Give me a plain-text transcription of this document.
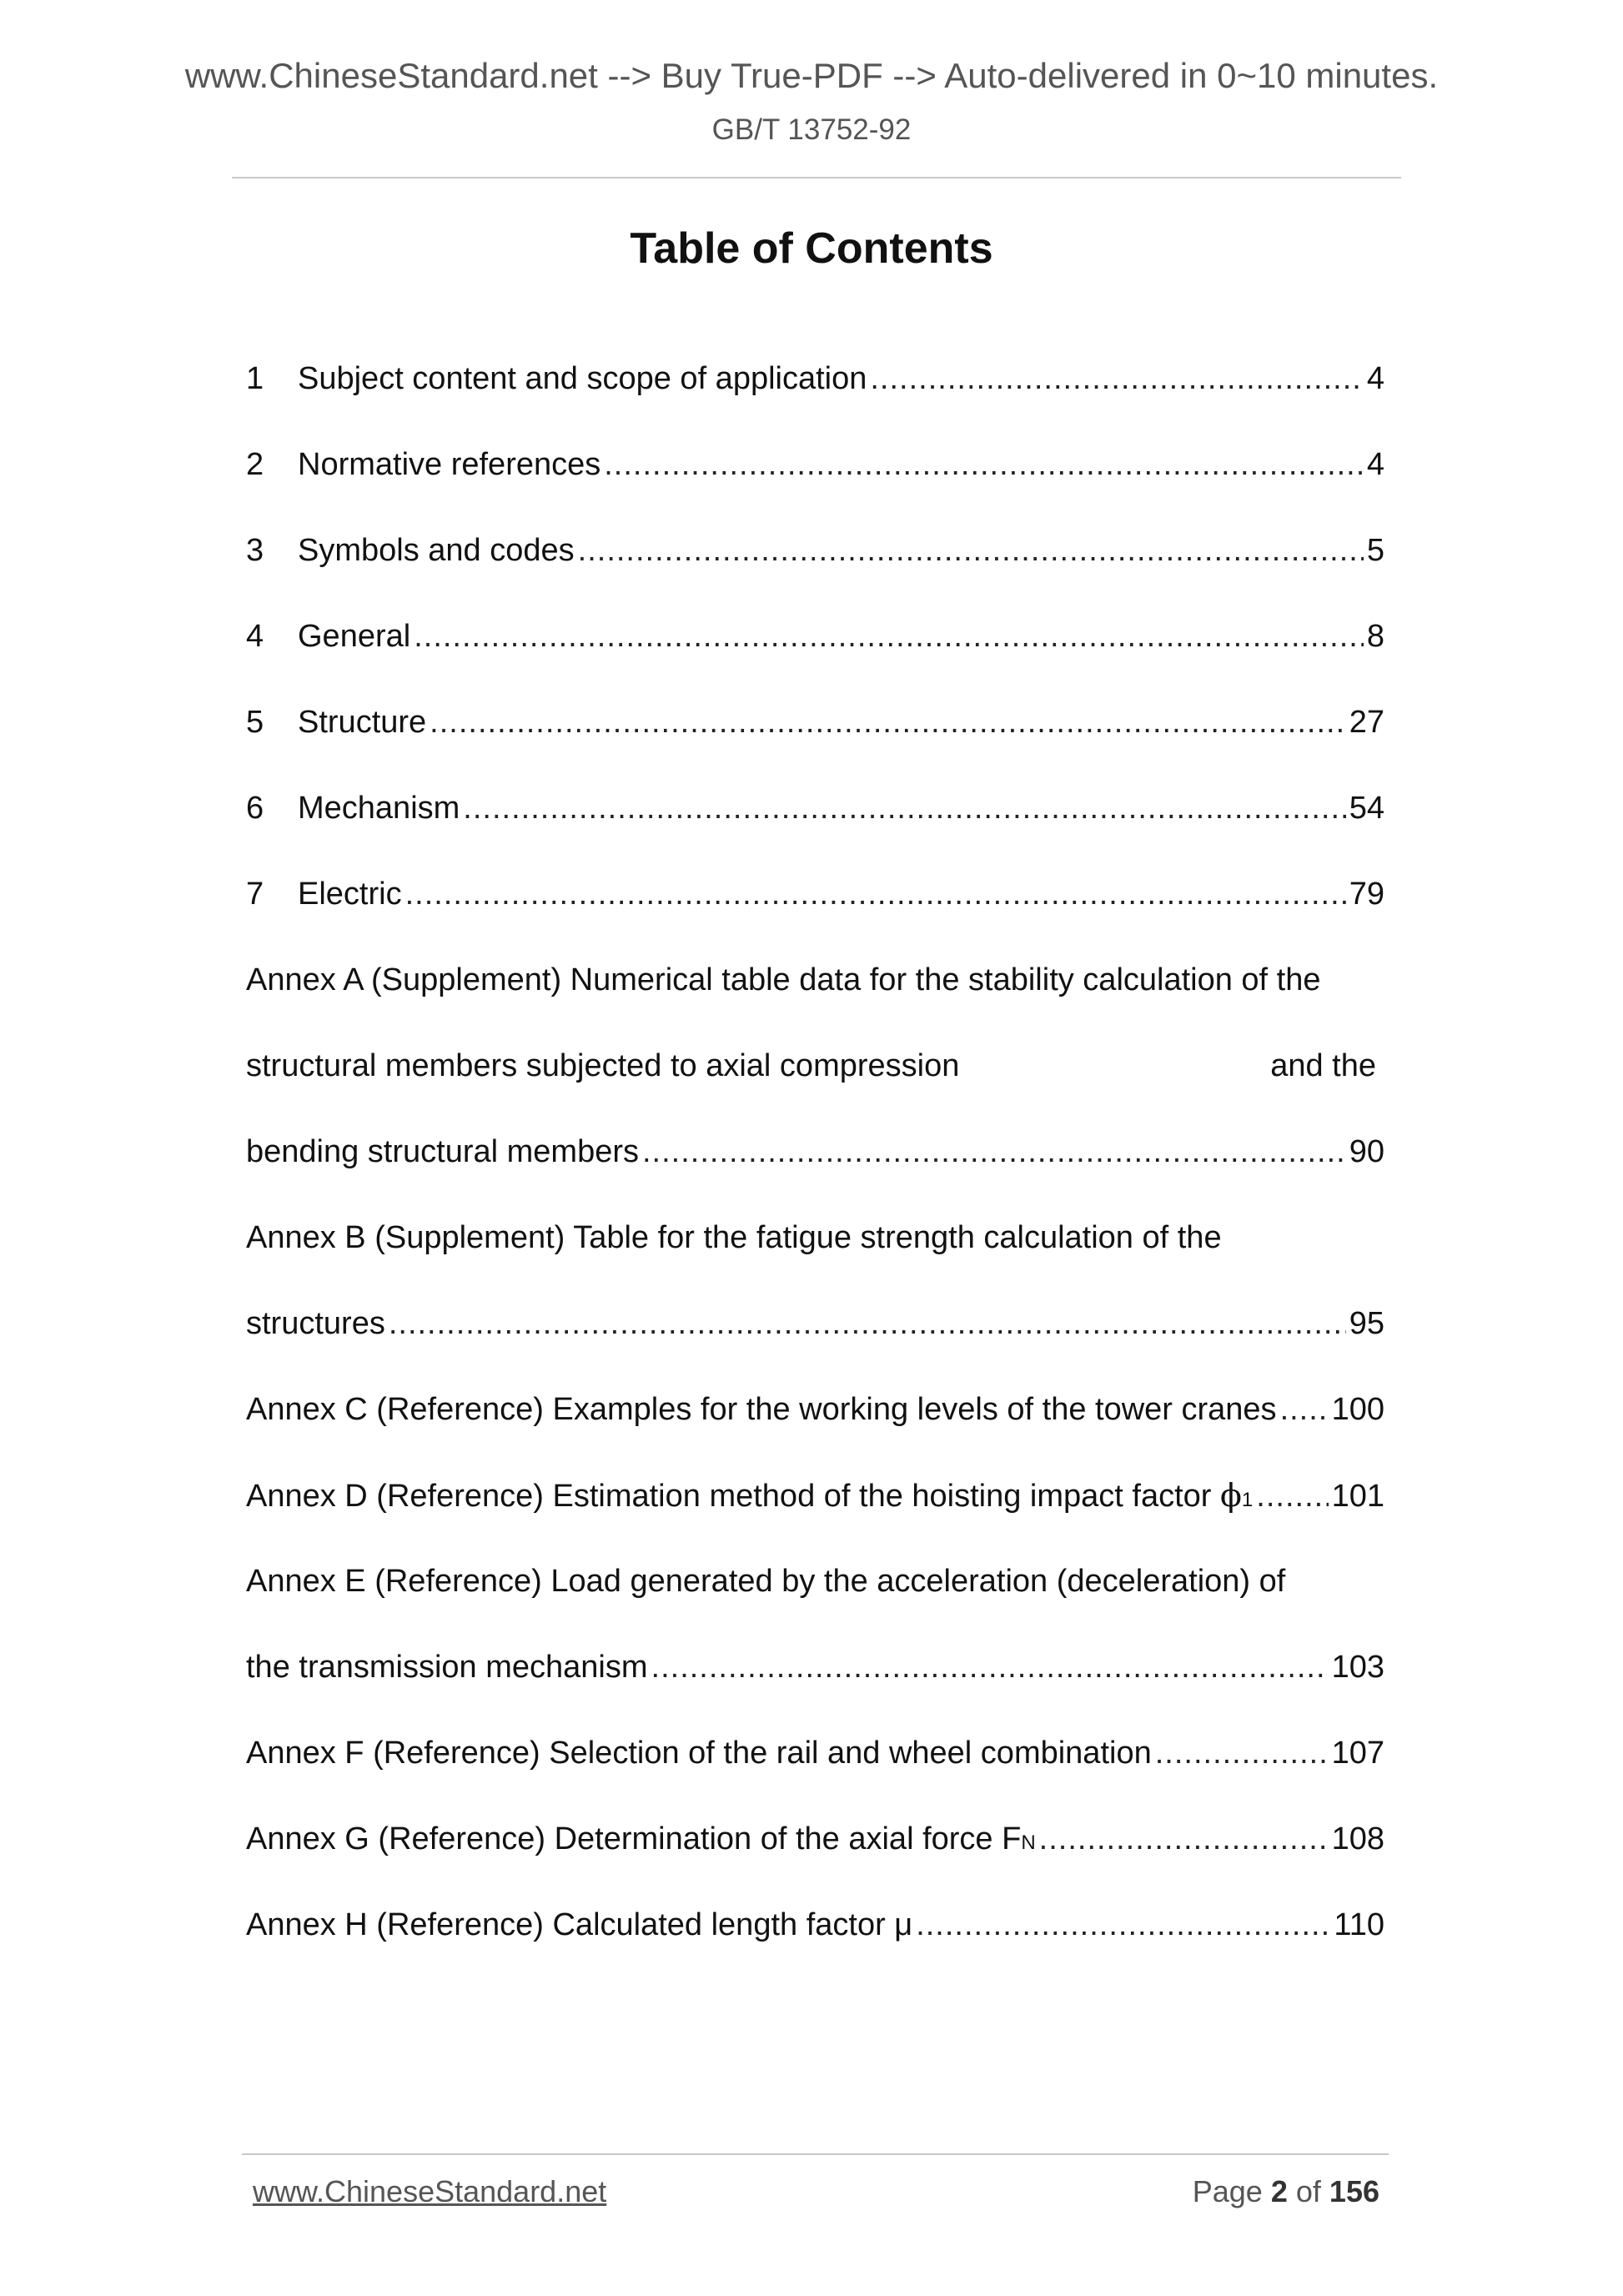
www.ChineseStandard.net --> Buy True-PDF --> Auto-delivered in 0~10 minutes.
GB/T 13752-92
Table of Contents
1	Subject content and scope of application .....	4
2	Normative references .....	4
3	Symbols and codes .....	5
4	General .....	8
5	Structure .....	27
6	Mechanism .....	54
7	Electric .....	79
Annex A (Supplement) Numerical table data for the stability calculation of the
structural members subjected to axial compression	and the
bending structural members .....	90
Annex B (Supplement) Table for the fatigue strength calculation of the
structures .....	95
Annex C (Reference) Examples for the working levels of the tower cranes ..... 100
Annex D (Reference) Estimation method of the hoisting impact factor ϕ1 ..... 101
Annex E (Reference) Load generated by the acceleration (deceleration) of
the transmission mechanism .....	103
Annex F (Reference) Selection of the rail and wheel combination .....	107
Annex G (Reference) Determination of the axial force FN .....	108
Annex H (Reference) Calculated length factor μ .....	110
www.ChineseStandard.net	Page 2 of 156
